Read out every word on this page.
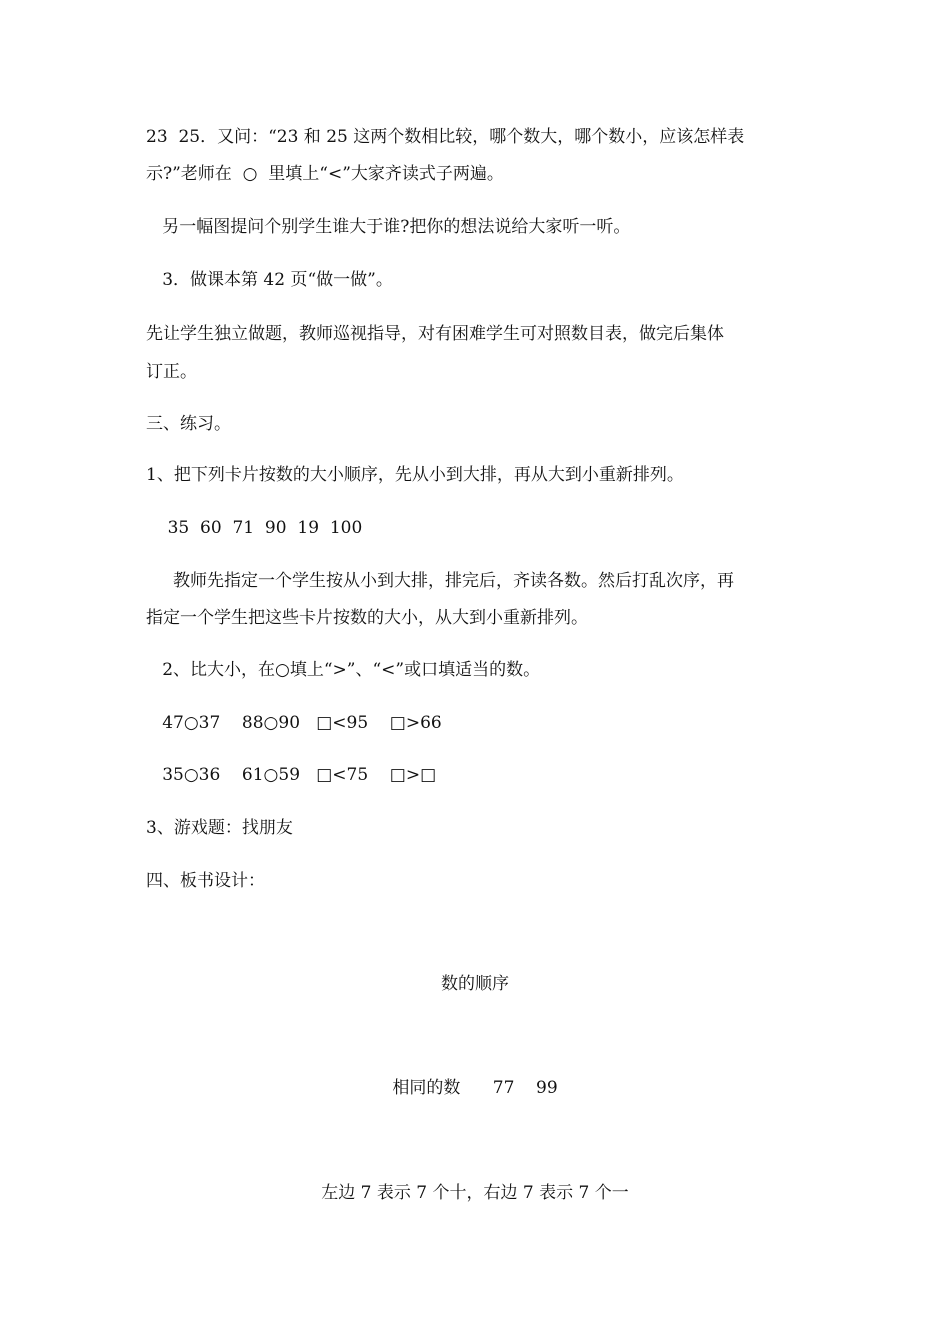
23  25．又问：“23 和 25 这两个数相比较，哪个数大，哪个数小，应该怎样表
示?”老师在  ○  里填上“<”大家齐读式子两遍。
另一幅图提问个别学生谁大于谁?把你的想法说给大家听一听。
3．做课本第 42 页“做一做”。
先让学生独立做题，教师巡视指导，对有困难学生可对照数目表，做完后集体
订正。
三、练习。
1、把下列卡片按数的大小顺序，先从小到大排，再从大到小重新排列。
35  60  71  90  19  100
教师先指定一个学生按从小到大排，排完后，齐读各数。然后打乱次序，再
指定一个学生把这些卡片按数的大小，从大到小重新排列。
2、比大小，在○填上“>”、“<”或口填适当的数。
47○37    88○90   □<95    □>66
35○36    61○59   □<75    □>□
3、游戏题：找朋友
四、板书设计：
数的顺序
相同的数      77    99
左边 7 表示 7 个十，右边 7 表示 7 个一
